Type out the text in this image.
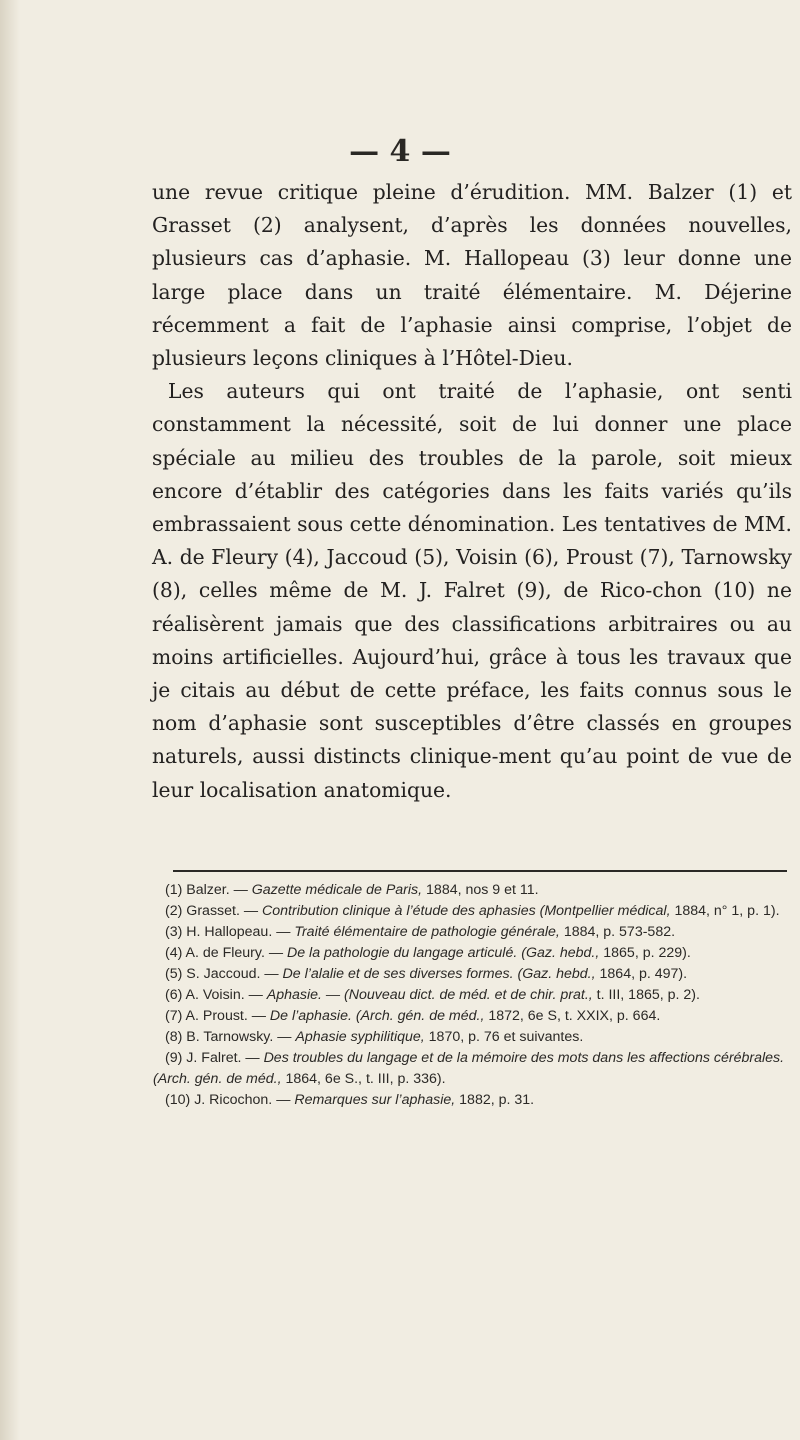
— 4 —

une revue critique pleine d’érudition. MM. Balzer (1) et Grasset (2) analysent, d’après les données nouvelles, plusieurs cas d’aphasie. M. Hallopeau (3) leur donne une large place dans un traité élémentaire. M. Déjerine récemment a fait de l’aphasie ainsi comprise, l’objet de plusieurs leçons cliniques à l’Hôtel-Dieu.

Les auteurs qui ont traité de l’aphasie, ont senti constamment la nécessité, soit de lui donner une place spéciale au milieu des troubles de la parole, soit mieux encore d’établir des catégories dans les faits variés qu’ils embrassaient sous cette dénomination. Les tentatives de MM. A. de Fleury (4), Jaccoud (5), Voisin (6), Proust (7), Tarnowsky (8), celles même de M. J. Falret (9), de Rico-chon (10) ne réalisèrent jamais que des classifications arbitraires ou au moins artificielles. Aujourd’hui, grâce à tous les travaux que je citais au début de cette préface, les faits connus sous le nom d’aphasie sont susceptibles d’être classés en groupes naturels, aussi distincts clinique-ment qu’au point de vue de leur localisation anatomique.

(1) Balzer. — Gazette médicale de Paris, 1884, nos 9 et 11.

(2) Grasset. — Contribution clinique à l’étude des aphasies (Montpellier médical, 1884, n° 1, p. 1).

(3) H. Hallopeau. — Traité élémentaire de pathologie générale, 1884, p. 573-582.

(4) A. de Fleury. — De la pathologie du langage articulé. (Gaz. hebd., 1865, p. 229).

(5) S. Jaccoud. — De l’alalie et de ses diverses formes. (Gaz. hebd., 1864, p. 497).

(6) A. Voisin. — Aphasie. — (Nouveau dict. de méd. et de chir. prat., t. III, 1865, p. 2).

(7) A. Proust. — De l’aphasie. (Arch. gén. de méd., 1872, 6e S, t. XXIX, p. 664.

(8) B. Tarnowsky. — Aphasie syphilitique, 1870, p. 76 et suivantes.

(9) J. Falret. — Des troubles du langage et de la mémoire des mots dans les affections cérébrales. (Arch. gén. de méd., 1864, 6e S., t. III, p. 336).

(10) J. Ricochon. — Remarques sur l’aphasie, 1882, p. 31.
